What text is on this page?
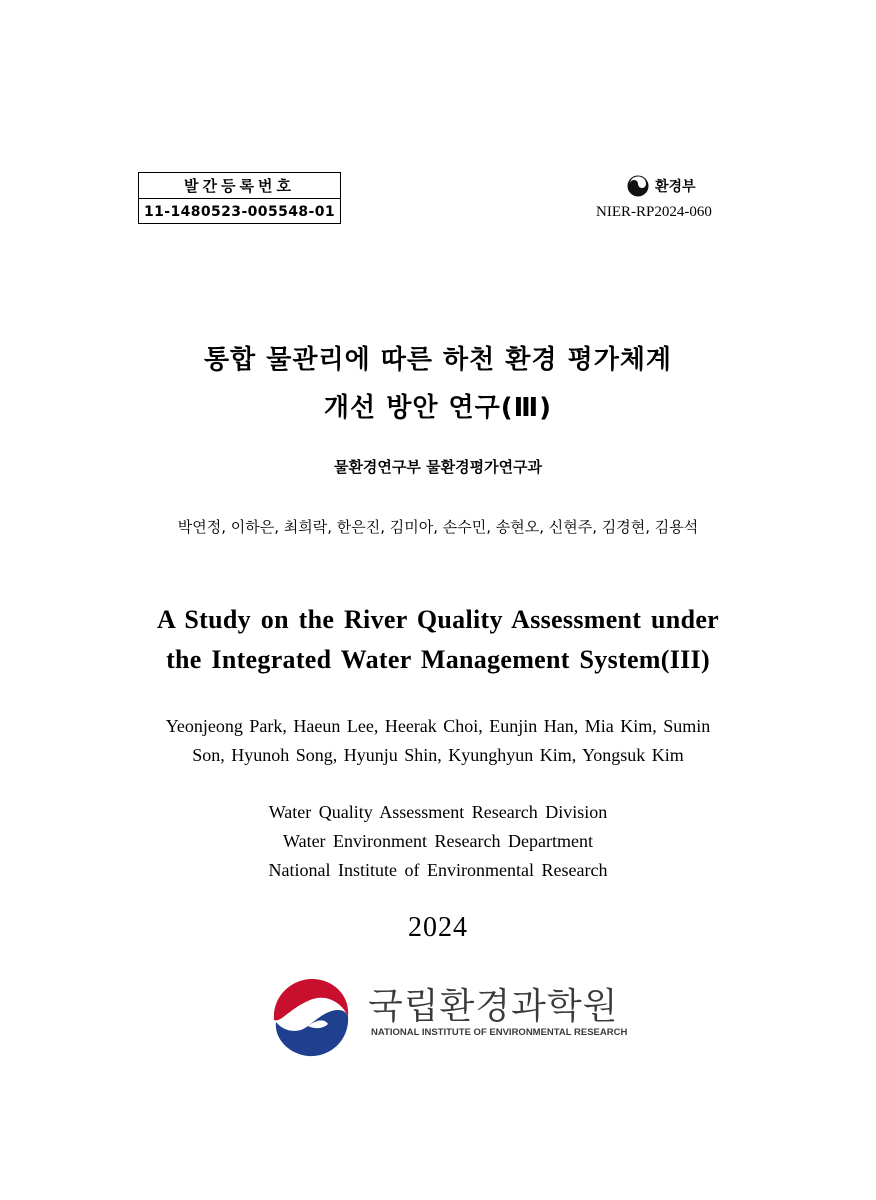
발간등록번호
11-1480523-005548-01
환경부
NIER-RP2024-060
통합 물관리에 따른 하천 환경 평가체계
개선 방안 연구(Ⅲ)
물환경연구부 물환경평가연구과
박연정, 이하은, 최희락, 한은진, 김미아, 손수민, 송현오, 신현주, 김경현, 김용석
A Study on the River Quality Assessment under
the Integrated Water Management System(III)
Yeonjeong Park, Haeun Lee, Heerak Choi, Eunjin Han, Mia Kim, Sumin
Son, Hyunoh Song, Hyunju Shin, Kyunghyun Kim, Yongsuk Kim
Water Quality Assessment Research Division
Water Environment Research Department
National Institute of Environmental Research
2024
국립환경과학원
NATIONAL INSTITUTE OF ENVIRONMENTAL RESEARCH
